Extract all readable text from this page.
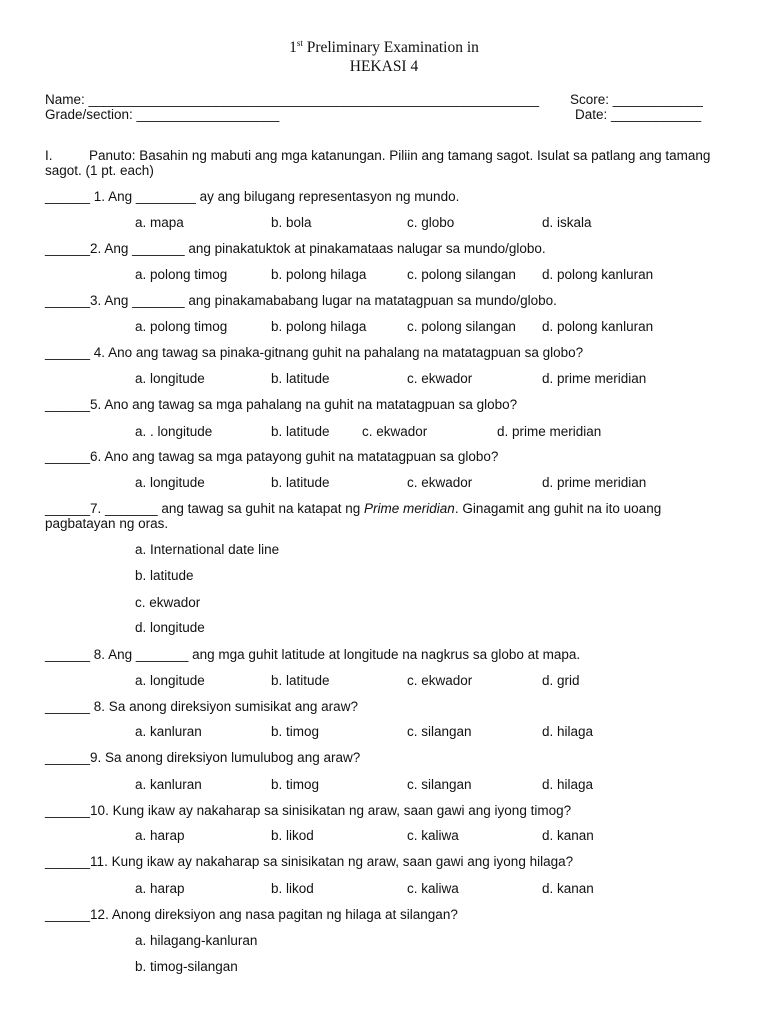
1st Preliminary Examination in
HEKASI 4
Name: ____________________________________________________________ Score: ____________
Grade/section: ___________________	Date: ____________
I.	Panuto: Basahin ng mabuti ang mga katanungan. Piliin ang tamang sagot. Isulat sa patlang ang tamang sagot. (1 pt. each)
______ 1. Ang ________ ay ang bilugang representasyon ng mundo.
a. mapa	b. bola	c. globo	d. iskala
______2. Ang _______ ang pinakatuktok at pinakamataas nalugar sa mundo/globo.
a. polong timog	b. polong hilaga	c. polong silangan d. polong kanluran
______3. Ang _______ ang pinakamababang lugar na matatagpuan sa mundo/globo.
a. polong timog	b. polong hilaga	c. polong silangan d. polong kanluran
______ 4. Ano ang tawag sa pinaka-gitnang guhit na pahalang na matatagpuan sa globo?
a. longitude	b. latitude	c. ekwador	d. prime meridian
______5. Ano ang tawag sa mga pahalang na guhit na matatagpuan sa globo?
a. . longitude	b. latitude c. ekwador	d. prime meridian
______6. Ano ang tawag sa mga patayong guhit na matatagpuan sa globo?
a. longitude	b. latitude	c. ekwador	d. prime meridian
______7. _______ ang tawag sa guhit na katapat ng Prime meridian. Ginagamit ang guhit na ito uoang pagbatayan ng oras.
a. International date line
b. latitude
c. ekwador
d. longitude
______ 8. Ang _______ ang mga guhit latitude at longitude na nagkrus sa globo at mapa.
a. longitude	b. latitude	c. ekwador	d. grid
______ 8. Sa anong direksiyon sumisikat ang araw?
a. kanluran	b. timog	c. silangan	d. hilaga
______9. Sa anong direksiyon lumulubog ang araw?
a. kanluran	b. timog	c. silangan	d. hilaga
______10. Kung ikaw ay nakaharap sa sinisikatan ng araw, saan gawi ang iyong timog?
a. harap	b. likod	c. kaliwa	d. kanan
______11. Kung ikaw ay nakaharap sa sinisikatan ng araw, saan gawi ang iyong hilaga?
a. harap	b. likod	c. kaliwa	d. kanan
______12. Anong direksiyon ang nasa pagitan ng hilaga at silangan?
a. hilagang-kanluran
b. timog-silangan
